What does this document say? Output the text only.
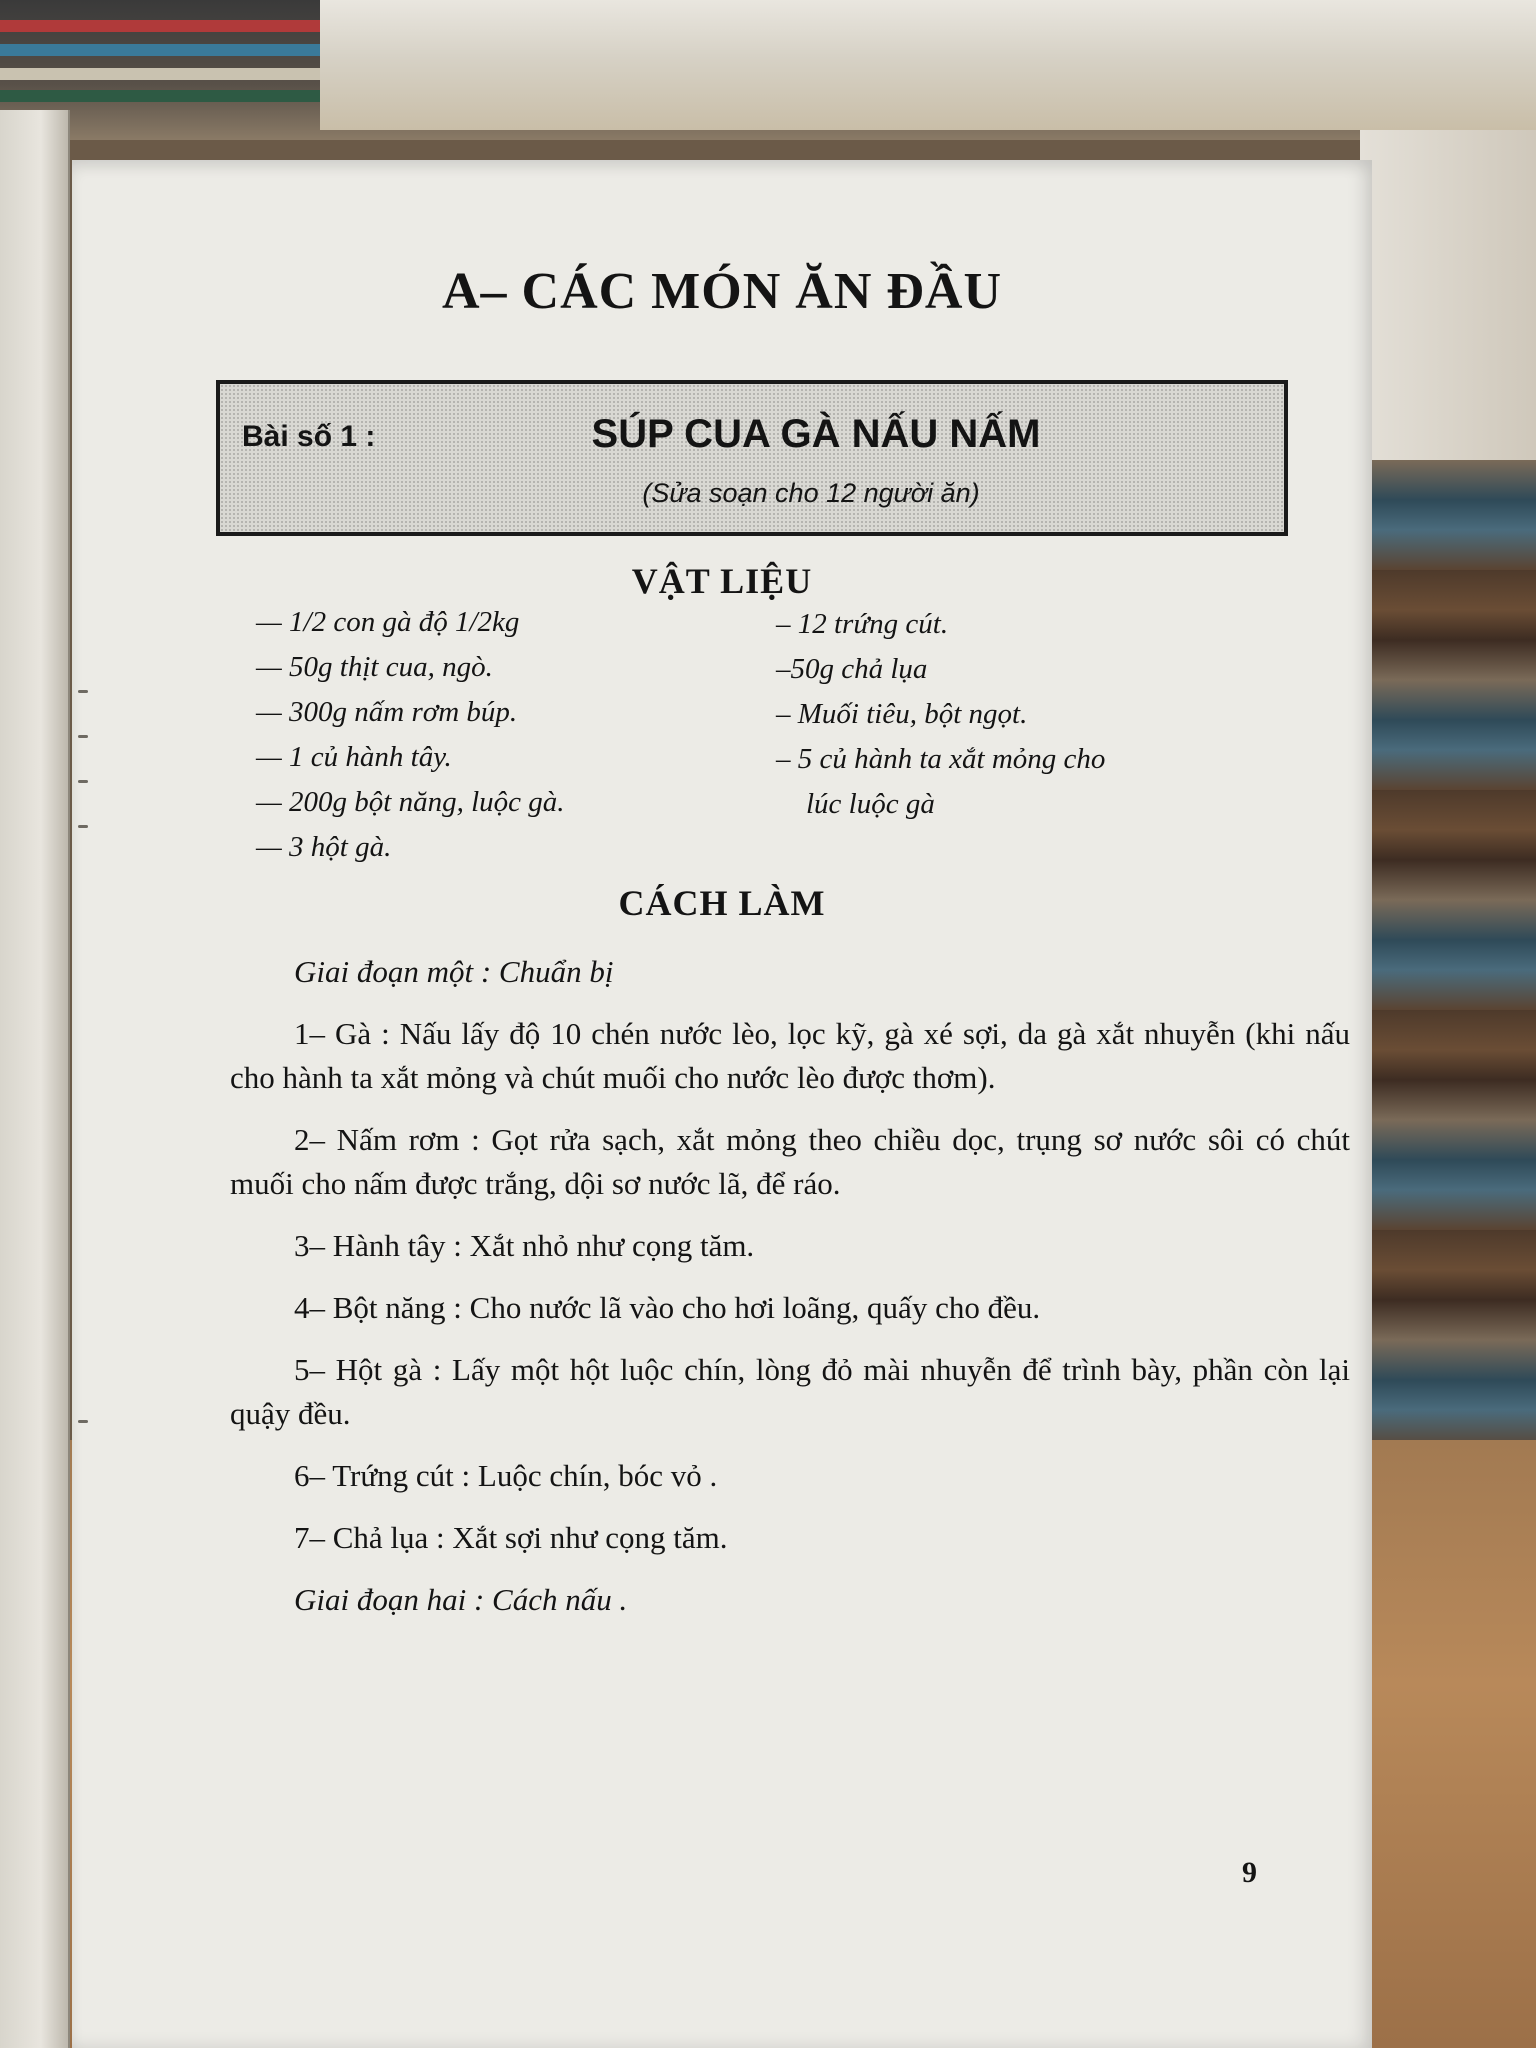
A– CÁC MÓN ĂN ĐẦU
Bài số 1 :	SÚP CUA GÀ NẤU NẤM
(Sửa soạn cho 12 người ăn)
VẬT LIỆU
— 1/2 con gà độ 1/2kg
— 50g thịt cua, ngò.
— 300g nấm rơm búp.
— 1 củ hành tây.
— 200g bột năng, luộc gà.
— 3 hột gà.
– 12 trứng cút.
–50g chả lụa
– Muối tiêu, bột ngọt.
– 5 củ hành ta xắt mỏng cho
lúc luộc gà
CÁCH LÀM

Giai đoạn một : Chuẩn bị

1– Gà : Nấu lấy độ 10 chén nước lèo, lọc kỹ, gà xé sợi, da gà xắt nhuyễn (khi nấu cho hành ta xắt mỏng và chút muối cho nước lèo được thơm).

2– Nấm rơm : Gọt rửa sạch, xắt mỏng theo chiều dọc, trụng sơ nước sôi có chút muối cho nấm được trắng, dội sơ nước lã, để ráo.

3– Hành tây : Xắt nhỏ như cọng tăm.

4– Bột năng : Cho nước lã vào cho hơi loãng, quấy cho đều.

5– Hột gà : Lấy một hột luộc chín, lòng đỏ mài nhuyễn để trình bày, phần còn lại quậy đều.

6– Trứng cút : Luộc chín, bóc vỏ .

7– Chả lụa : Xắt sợi như cọng tăm.

Giai đoạn hai : Cách nấu .

9
